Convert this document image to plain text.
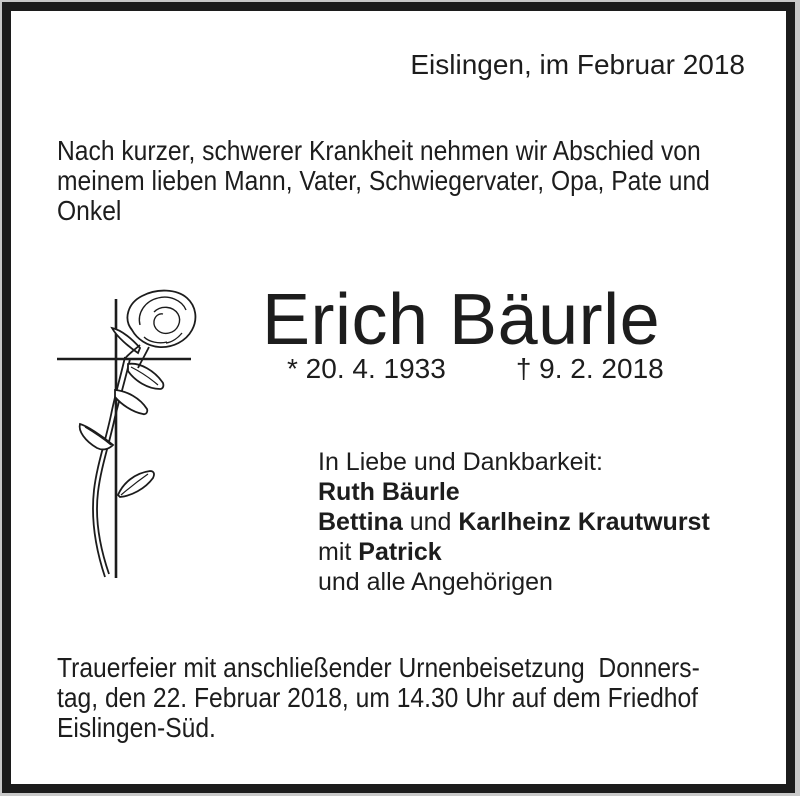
Eislingen, im Februar 2018
Nach kurzer, schwerer Krankheit nehmen wir Abschied von
meinem lieben Mann, Vater, Schwiegervater, Opa, Pate und
Onkel
Erich Bäurle
* 20. 4. 1933	† 9. 2. 2018
In Liebe und Dankbarkeit:
Ruth Bäurle
Bettina und Karlheinz Krautwurst
mit Patrick
und alle Angehörigen
Trauerfeier mit anschließender Urnenbeisetzung  Donners-
tag, den 22. Februar 2018, um 14.30 Uhr auf dem Friedhof
Eislingen-Süd.
